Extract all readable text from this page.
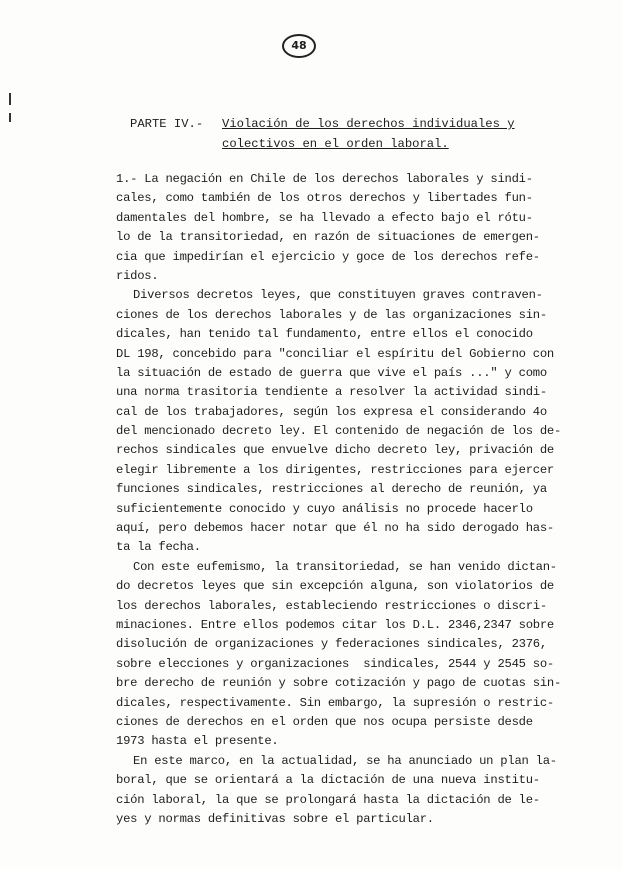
48
PARTE IV.- Violación de los derechos individuales y
colectivos en el orden laboral.
1.- La negación en Chile de los derechos laborales y sindi-
cales, como también de los otros derechos y libertades fun-
damentales del hombre, se ha llevado a efecto bajo el rótu-
lo de la transitoriedad, en razón de situaciones de emergen-
cia que impedirían el ejercicio y goce de los derechos refe-
ridos.
Diversos decretos leyes, que constituyen graves contraven-
ciones de los derechos laborales y de las organizaciones sin-
dicales, han tenido tal fundamento, entre ellos el conocido
DL 198, concebido para "conciliar el espíritu del Gobierno con
la situación de estado de guerra que vive el país ..." y como
una norma trasitoria tendiente a resolver la actividad sindi-
cal de los trabajadores, según los expresa el considerando 4o
del mencionado decreto ley. El contenido de negación de los de-
rechos sindicales que envuelve dicho decreto ley, privación de
elegir libremente a los dirigentes, restricciones para ejercer
funciones sindicales, restricciones al derecho de reunión, ya
suficientemente conocido y cuyo análisis no procede hacerlo
aquí, pero debemos hacer notar que él no ha sido derogado has-
ta la fecha.
Con este eufemismo, la transitoriedad, se han venido dictan-
do decretos leyes que sin excepción alguna, son violatorios de
los derechos laborales, estableciendo restricciones o discri-
minaciones. Entre ellos podemos citar los D.L. 2346,2347 sobre
disolución de organizaciones y federaciones sindicales, 2376,
sobre elecciones y organizaciones  sindicales, 2544 y 2545 so-
bre derecho de reunión y sobre cotización y pago de cuotas sin-
dicales, respectivamente. Sin embargo, la supresión o restric-
ciones de derechos en el orden que nos ocupa persiste desde
1973 hasta el presente.
En este marco, en la actualidad, se ha anunciado un plan la-
boral, que se orientará a la dictación de una nueva institu-
ción laboral, la que se prolongará hasta la dictación de le-
yes y normas definitivas sobre el particular.
